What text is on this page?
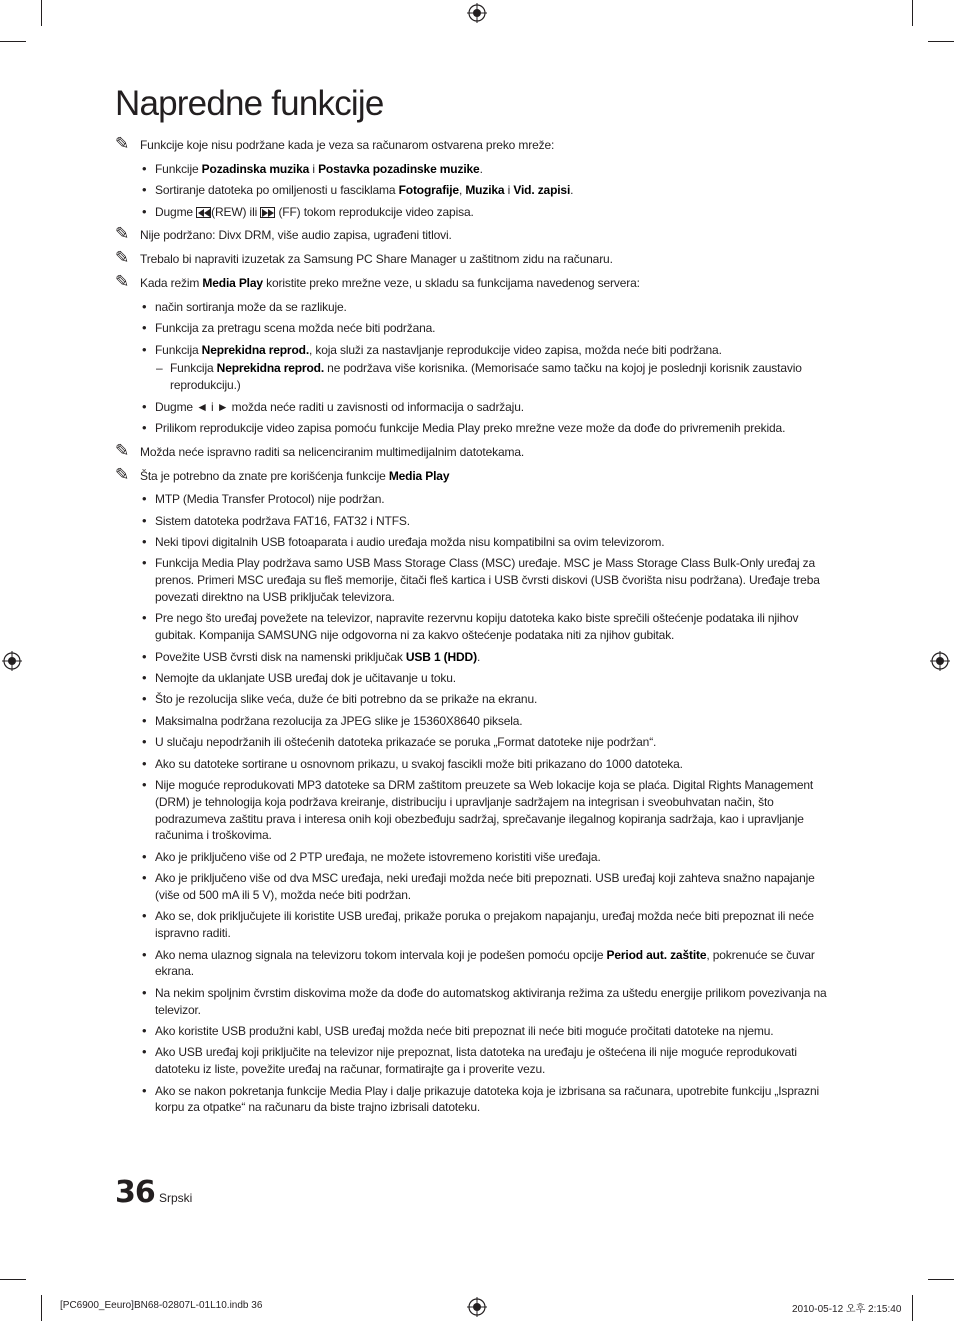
Napredne funkcije
✎ Funkcije koje nisu podržane kada je veza sa računarom ostvarena preko mreže:
• Funkcije Pozadinska muzika i Postavka pozadinske muzike.
• Sortiranje datoteka po omiljenosti u fasciklama Fotografije, Muzika i Vid. zapisi.
• Dugme
(REW) ili
(FF) tokom reprodukcije video zapisa.
✎ Nije podržano: Divx DRM, više audio zapisa, ugrađeni titlovi.
✎ Trebalo bi napraviti izuzetak za Samsung PC Share Manager u zaštitnom zidu na računaru.
✎ Kada režim Media Play koristite preko mrežne veze, u skladu sa funkcijama navedenog servera:
• način sortiranja može da se razlikuje.
• Funkcija za pretragu scena možda neće biti podržana.
• Funkcija Neprekidna reprod., koja služi za nastavljanje reprodukcije video zapisa, možda neće biti podržana.
– Funkcija Neprekidna reprod. ne podržava više korisnika. (Memorisaće samo tačku na kojoj je poslednji korisnik zaustavio reprodukciju.)
• Dugme ◄ i ► možda neće raditi u zavisnosti od informacija o sadržaju.
• Prilikom reprodukcije video zapisa pomoću funkcije Media Play preko mrežne veze može da dođe do privremenih prekida.
✎ Možda neće ispravno raditi sa nelicenciranim multimedijalnim datotekama.
✎ Šta je potrebno da znate pre korišćenja funkcije Media Play
• MTP (Media Transfer Protocol) nije podržan.
• Sistem datoteka podržava FAT16, FAT32 i NTFS.
• Neki tipovi digitalnih USB fotoaparata i audio uređaja možda nisu kompatibilni sa ovim televizorom.
• Funkcija Media Play podržava samo USB Mass Storage Class (MSC) uređaje. MSC je Mass Storage Class Bulk-Only uređaj za prenos. Primeri MSC uređaja su fleš memorije, čitači fleš kartica i USB čvrsti diskovi (USB čvorišta nisu podržana). Uređaje treba povezati direktno na USB priključak televizora.
• Pre nego što uređaj povežete na televizor, napravite rezervnu kopiju datoteka kako biste sprečili oštećenje podataka ili njihov gubitak. Kompanija SAMSUNG nije odgovorna ni za kakvo oštećenje podataka niti za njihov gubitak.
• Povežite USB čvrsti disk na namenski priključak USB 1 (HDD).
• Nemojte da uklanjate USB uređaj dok je učitavanje u toku.
• Što je rezolucija slike veća, duže će biti potrebno da se prikaže na ekranu.
• Maksimalna podržana rezolucija za JPEG slike je 15360X8640 piksela.
• U slučaju nepodržanih ili oštećenih datoteka prikazaće se poruka „Format datoteke nije podržan“.
• Ako su datoteke sortirane u osnovnom prikazu, u svakoj fascikli može biti prikazano do 1000 datoteka.
• Nije moguće reprodukovati MP3 datoteke sa DRM zaštitom preuzete sa Web lokacije koja se plaća. Digital Rights Management (DRM) je tehnologija koja podržava kreiranje, distribuciju i upravljanje sadržajem na integrisan i sveobuhvatan način, što podrazumeva zaštitu prava i interesa onih koji obezbeđuju sadržaj, sprečavanje ilegalnog kopiranja sadržaja, kao i upravljanje računima i troškovima.
• Ako je priključeno više od 2 PTP uređaja, ne možete istovremeno koristiti više uređaja.
• Ako je priključeno više od dva MSC uređaja, neki uređaji možda neće biti prepoznati. USB uređaj koji zahteva snažno napajanje (više od 500 mA ili 5 V), možda neće biti podržan.
• Ako se, dok priključujete ili koristite USB uređaj, prikaže poruka o prejakom napajanju, uređaj možda neće biti prepoznat ili neće ispravno raditi.
• Ako nema ulaznog signala na televizoru tokom intervala koji je podešen pomoću opcije Period aut. zaštite, pokrenuće se čuvar ekrana.
• Na nekim spoljnim čvrstim diskovima može da dođe do automatskog aktiviranja režima za uštedu energije prilikom povezivanja na televizor.
• Ako koristite USB produžni kabl, USB uređaj možda neće biti prepoznat ili neće biti moguće pročitati datoteke na njemu.
• Ako USB uređaj koji priključite na televizor nije prepoznat, lista datoteka na uređaju je oštećena ili nije moguće reprodukovati datoteku iz liste, povežite uređaj na računar, formatirajte ga i proverite vezu.
• Ako se nakon pokretanja funkcije Media Play i dalje prikazuje datoteka koja je izbrisana sa računara, upotrebite funkciju „Isprazni korpu za otpatke“ na računaru da biste trajno izbrisali datoteku.
36 Srpski
[PC6900_Eeuro]BN68-02807L-01L10.indb 36	2010-05-12 오후 2:15:40
